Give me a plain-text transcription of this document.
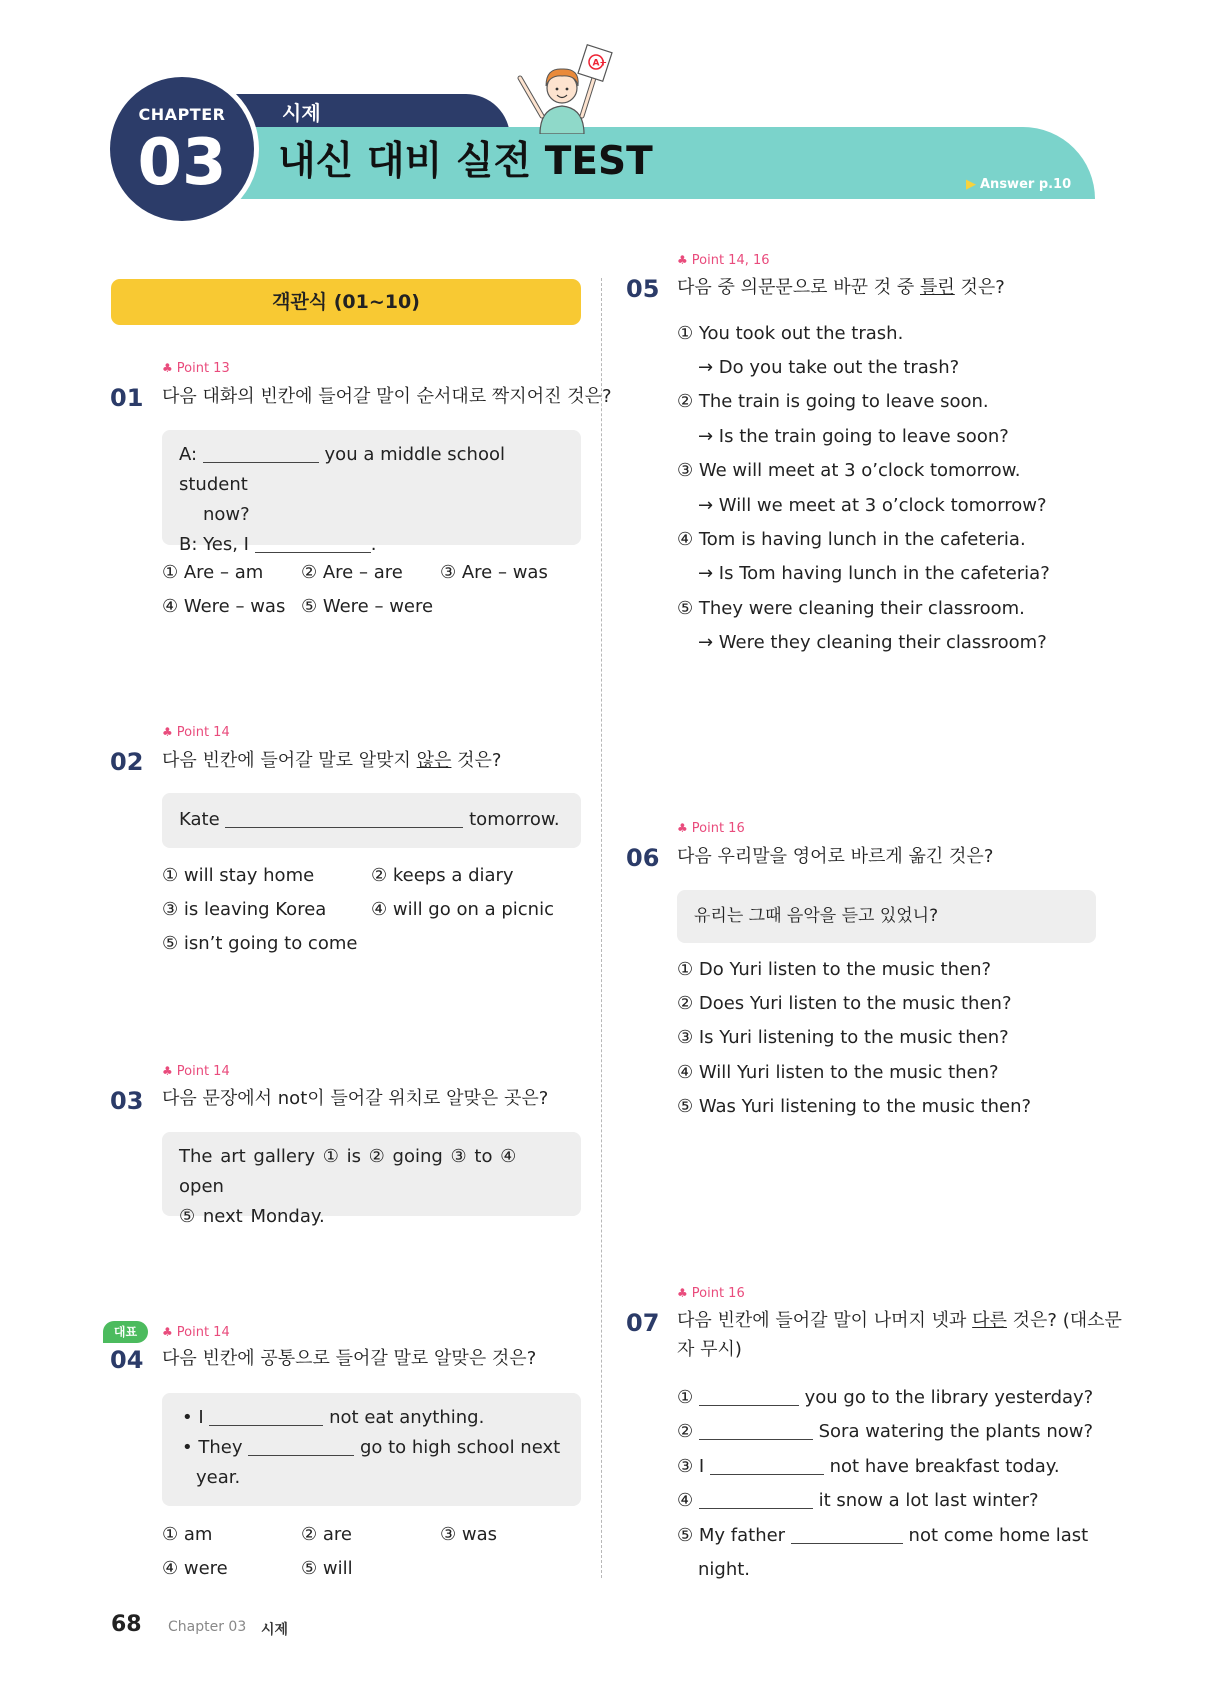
CHAPTER
03
시제
내신 대비 실전 TEST
▶ Answer p.10
A+
객관식 (01~10)
♣ Point 13
01 다음 대화의 빈칸에 들어갈 말이 순서대로 짝지어진 것은?
A:	you a middle school student
now?
B: Yes, I	.
① Are – am ② Are – are ③ Are – was
④ Were – was ⑤ Were – were
♣ Point 14
02 다음 빈칸에 들어갈 말로 알맞지 않은 것은?
Kate	tomorrow.
① will stay home	② keeps a diary
③ is leaving Korea ④ will go on a picnic
⑤ isn’t going to come
♣ Point 14
03 다음 문장에서 not이 들어갈 위치로 알맞은 곳은?
The art gallery ① is ② going ③ to ④ open
⑤ next Monday.
대표	♣ Point 14
04 다음 빈칸에 공통으로 들어갈 말로 알맞은 것은?
• I	not eat anything.
• They	go to high school next
year.
① am	② are	③ was
④ were	⑤ will
♣ Point 14, 16
05 다음 중 의문문으로 바꾼 것 중 틀린 것은?
① You took out the trash.
→ Do you take out the trash?
② The train is going to leave soon.
→ Is the train going to leave soon?
③ We will meet at 3 o’clock tomorrow.
→ Will we meet at 3 o’clock tomorrow?
④ Tom is having lunch in the cafeteria.
→ Is Tom having lunch in the cafeteria?
⑤ They were cleaning their classroom.
→ Were they cleaning their classroom?
♣ Point 16
06 다음 우리말을 영어로 바르게 옮긴 것은?
유리는 그때 음악을 듣고 있었니?
① Do Yuri listen to the music then?
② Does Yuri listen to the music then?
③ Is Yuri listening to the music then?
④ Will Yuri listen to the music then?
⑤ Was Yuri listening to the music then?
♣ Point 16
07 다음 빈칸에 들어갈 말이 나머지 넷과 다른 것은? (대소문
자 무시)
①	you go to the library yesterday?
②	Sora watering the plants now?
③ I	not have breakfast today.
④	it snow a lot last winter?
⑤ My father	not come home last
night.
68 Chapter 03 시제
